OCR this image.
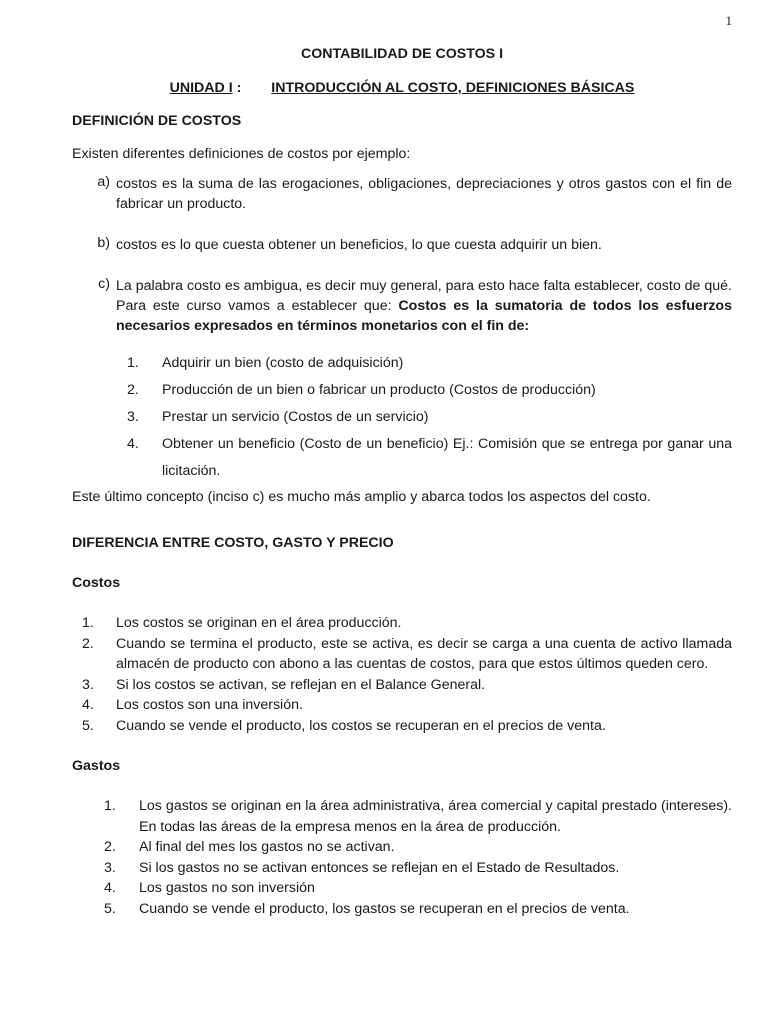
1

CONTABILIDAD DE COSTOS I

UNIDAD I : INTRODUCCIÓN AL COSTO, DEFINICIONES BÁSICAS

DEFINICIÓN DE COSTOS

Existen diferentes definiciones de costos por ejemplo:

a) costos es la suma de las erogaciones, obligaciones, depreciaciones y otros gastos con el fin de fabricar un producto.
b) costos es lo que cuesta obtener un beneficios, lo que cuesta adquirir un bien.
c) La palabra costo es ambigua, es decir muy general, para esto hace falta establecer, costo de qué. Para este curso vamos a establecer que: Costos es la sumatoria de todos los esfuerzos necesarios expresados en términos monetarios con el fin de:
1.	Adquirir un bien (costo de adquisición)
2.	Producción de un bien o fabricar un producto (Costos de producción)
3.	Prestar un servicio (Costos de un servicio)
4.	Obtener un beneficio (Costo de un beneficio) Ej.: Comisión que se entrega por ganar una licitación.

Este último concepto (inciso c) es mucho más amplio y abarca todos los aspectos del costo.

DIFERENCIA ENTRE COSTO, GASTO Y PRECIO
Costos
1.	Los costos se originan en el área producción.
2.	Cuando se termina el producto, este se activa, es decir se carga a una cuenta de activo llamada almacén de producto con abono a las cuentas de costos, para que estos últimos queden cero.
3.	Si los costos se activan, se reflejan en el Balance General.
4.	Los costos son una inversión.
5.	Cuando se vende el producto, los costos se recuperan en el precios de venta.
Gastos
1.	Los gastos se originan en la área administrativa, área comercial y capital prestado (intereses). En todas las áreas de la empresa menos en la área de producción.
2.	Al final del mes los gastos no se activan.
3.	Si los gastos no se activan entonces se reflejan en el Estado de Resultados.
4.	Los gastos no son inversión
5.	Cuando se vende el producto, los gastos se recuperan en el precios de venta.
